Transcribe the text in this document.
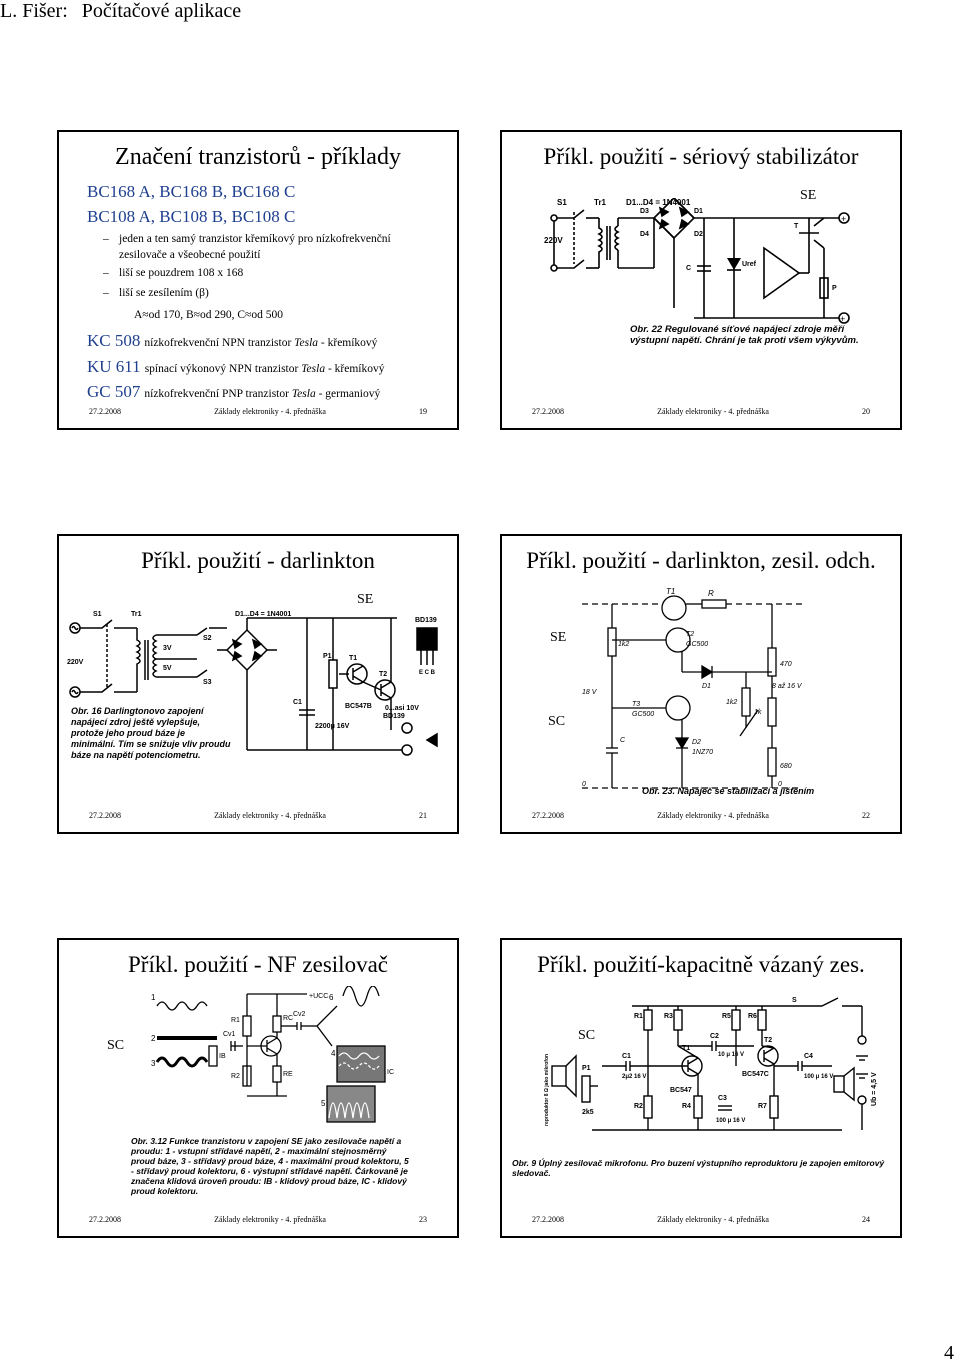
L. Fišer: Počítačové aplikace
Značení tranzistorů - příklady
BC168 A, BC168 B, BC168 C
BC108 A, BC108 B, BC108 C
– jeden a ten samý tranzistor křemíkový pro nízkofrekvenční
zesilovače a všeobecné použití
– liší se pouzdrem 108 x 168
– liší se zesílením (β)
A≈od 170, B≈od 290, C≈od 500
KC 508 nízkofrekvenční NPN tranzistor Tesla - křemíkový
KU 611 spínací výkonový NPN tranzistor Tesla - křemíkový
GC 507 nízkofrekvenční PNP tranzistor Tesla - germaniový
27.2.2008	Základy elektroniky - 4. přednáška	19
Příkl. použití - sériový stabilizátor
SE
+
+
S1	Tr1 D1...D4 = 1N4001
220V
D1
D2
D3
D4
C
Uref
T
P
Obr. 22 Regulované síťové napájecí zdroje měří výstupní napětí. Chrání je tak proti všem výkyvům.
27.2.2008	Základy elektroniky - 4. přednáška	20
Příkl. použití - darlinkton
SE
S1	Tr1	D1...D4 = 1N4001
BD139
220V
3V
5V
S2
S3
P1 T1
T2
BC547B
BD139
C1
2200μ 16V
0...asi 10V
E C B
Obr. 16 Darlingtonovo zapojení napájecí zdroj ještě vylepšuje, protože jeho proud báze je minimální. Tím se snižuje vliv proudu báze na napětí potenciometru.
27.2.2008	Základy elektroniky - 4. přednáška	21
Příkl. použití - darlinkton, zesil. odch.
SE
SC
T1	R
T2
GC500
1k2
D1
470
18 V
8 až 16 V
1k2
1k
T3
GC500
C	D2
1NZ70
680
0	0
Obr. 23. Napáječ se stabilizací a jištěním
27.2.2008	Základy elektroniky - 4. přednáška	22
Příkl. použití - NF zesilovač
SC
1
2
3
4
5
6
R1	RC
Cv1
Cv2
R2	RE
+UCC
IB
IC
Obr. 3.12 Funkce tranzistoru v zapojení SE jako zesilovače napětí a proudu: 1 - vstupní střídavé napětí, 2 - maximální stejnosměrný proud báze, 3 - střídavý proud báze, 4 - maximální proud kolektoru, 5 - střídavý proud kolektoru, 6 - výstupní střídavé napětí. Čárkovaně je značena klidová úroveň proudu: IB - klidový proud báze, IC - klidový proud kolektoru.
27.2.2008	Základy elektroniky - 4. přednáška	23
Příkl. použití-kapacitně vázaný zes.
SC
S
R1	R3	R5 R6
C2
10 μ 16 V
T2
C1
2μ2 16 V
T1
BC547
BC547C
C4
100 μ 16 V
P1
2k5
R2	R4
C3
100 μ 16 V
R7
reproduktor 8 Ω jako mikrofon	Ub = 4,5 V
Obr. 9 Úplný zesilovač mikrofonu. Pro buzení výstupního reproduktoru je zapojen emitorový sledovač.
27.2.2008	Základy elektroniky - 4. přednáška	24
4
